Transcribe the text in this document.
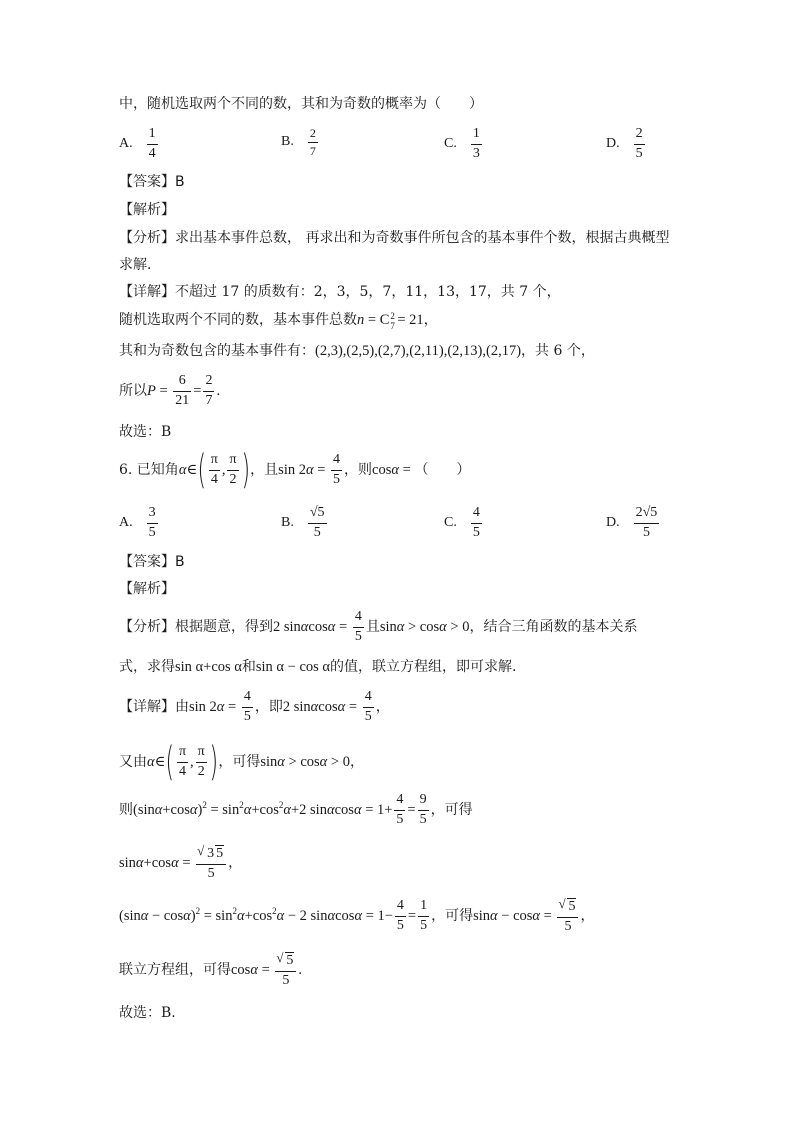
中，随机选取两个不同的数，其和为奇数的概率为（　　）
A. $\frac{1}{4}$	B. $\frac{2}{7}$	C. $\frac{1}{3}$	D. $\frac{2}{5}$
【答案】B
【解析】
【分析】求出基本事件总数， 再求出和为奇数事件所包含的基本事件个数，根据古典概型
求解.
【详解】不超过 17 的质数有：2，3，5，7，11，13，17，共 7 个，
随机选取两个不同的数，基本事件总数n = C 2
7 = 21，
其和为奇数包含的基本事件有：(2,3),(2,5),(2,7),(2,11),(2,13),(2,17)，共 6 个，
所以$P = \frac{6}{21} = \frac{2}{7}$ .
故选：B
6. 已知角α∈( $\frac{\pi}{4}$ , $\frac{\pi}{2}$ )，且$\sin 2\alpha = \frac{4}{5}$ ，则cosα = （　　）
A. $\frac{3}{5}$	B. $\frac{√5}{5}$	C. $\frac{4}{5}$	D. $\frac{2√5}{5}$
【答案】B
【解析】
【分析】根据题意，得到2 $\sin\alpha\cos\alpha = \frac{4}{5}$ 且sinα > cosα > 0，结合三角函数的基本关系
式，求得sin α+cos α和sin α − cos α的值，联立方程组，即可求解.
【详解】由$\sin 2\alpha = \frac{4}{5}$ ，即2 $\sin\alpha\cos\alpha = \frac{4}{5}$ ，
又由α∈( $\frac{\pi}{4}$ , $\frac{\pi}{2}$ )，可得sinα > cosα > 0，
则$(\sin\alpha+\cos\alpha)^2 = \sin^2\alpha+\cos^2\alpha+2$ $\sin\alpha\cos\alpha = 1+ \frac{4}{5} = \frac{9}{5}$ ，可得
sinα+cosα = √ $\frac{3 5}{5}$ ，
$(\sin\alpha - \cos\alpha)^2 = \sin^2\alpha+\cos^2\alpha - 2$ $\sin\alpha\cos\alpha = 1- \frac{4}{5} = \frac{1}{5}$ ，可得sinα − cosα = √ $\frac{5}{5}$ ，
联立方程组，可得cosα = √ $\frac{5}{5}$ .
故选：B.
